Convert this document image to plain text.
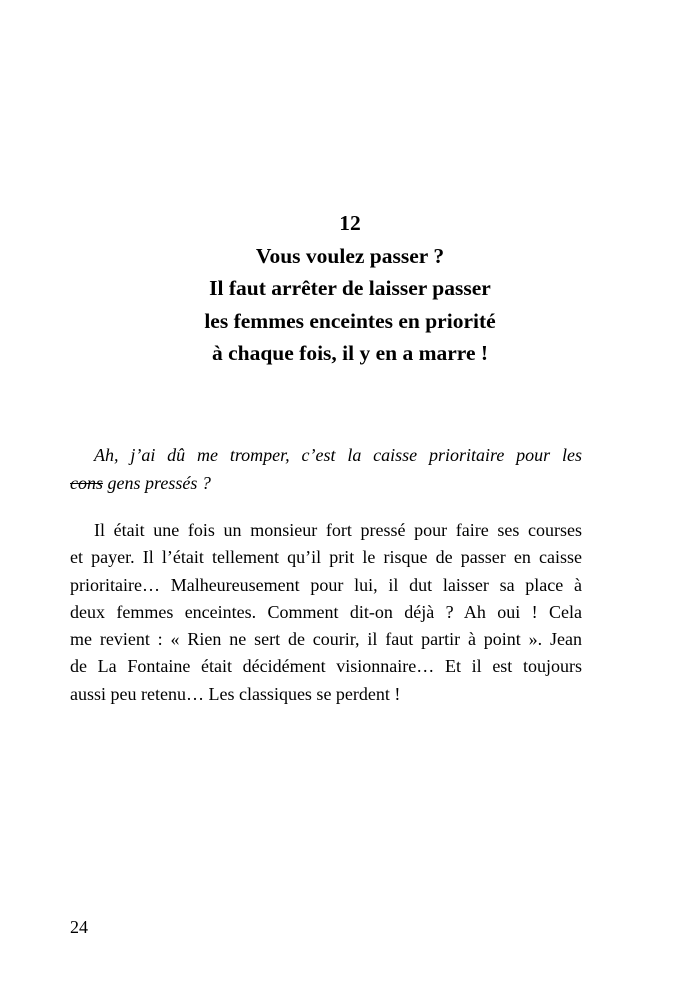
12
Vous voulez passer ?
Il faut arrêter de laisser passer
les femmes enceintes en priorité
à chaque fois, il y en a marre !
Ah, j’ai dû me tromper, c’est la caisse prioritaire pour les
cons gens pressés ?
Il était une fois un monsieur fort pressé pour faire ses courses
et payer. Il l’était tellement qu’il prit le risque de passer en caisse
prioritaire… Malheureusement pour lui, il dut laisser sa place à
deux femmes enceintes. Comment dit-on déjà ? Ah oui ! Cela
me revient : « Rien ne sert de courir, il faut partir à point ». Jean
de La Fontaine était décidément visionnaire… Et il est toujours
aussi peu retenu… Les classiques se perdent !
24
